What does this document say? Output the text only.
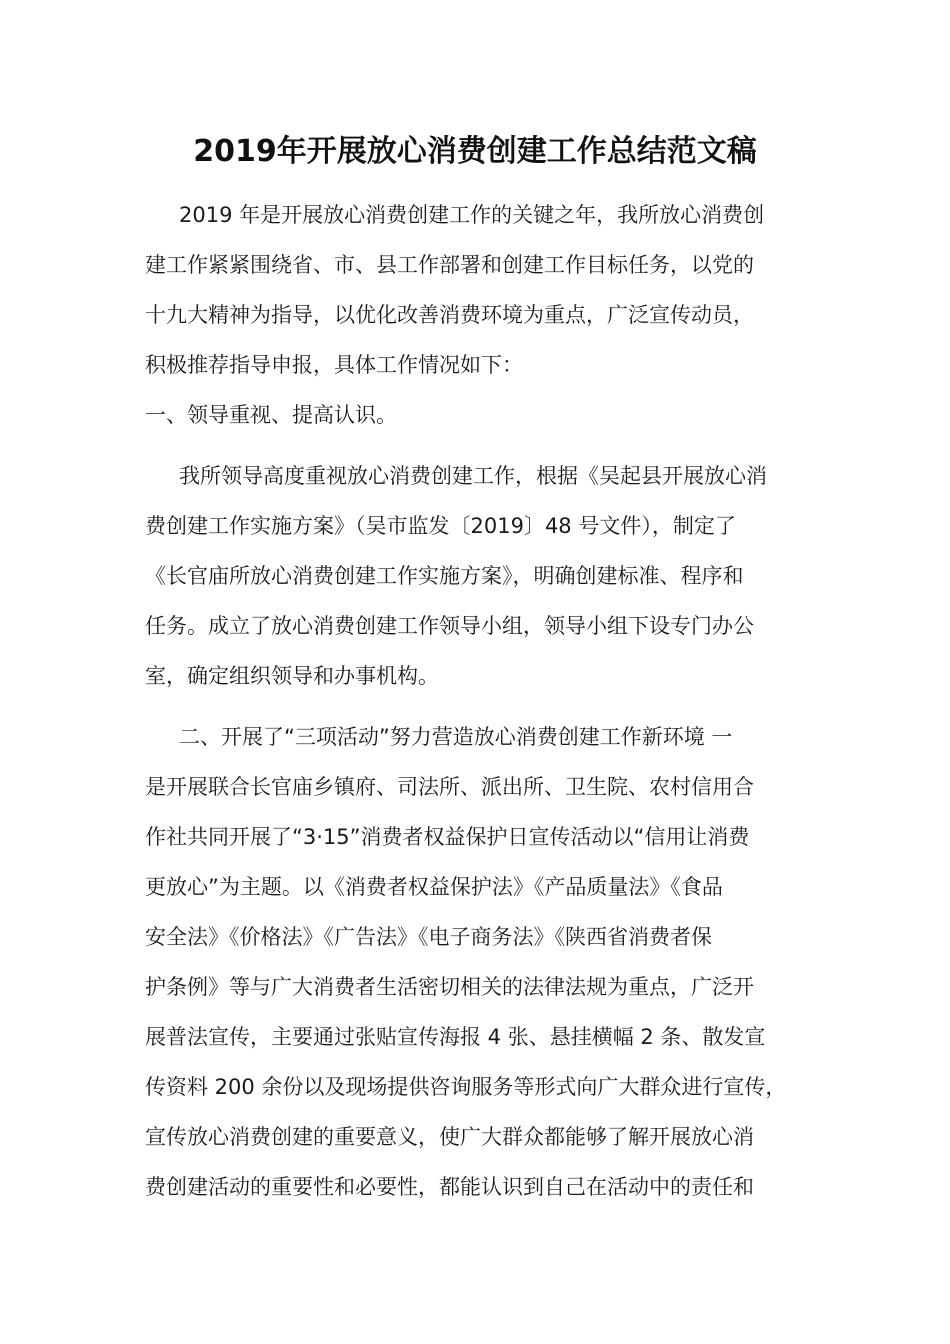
2019年开展放心消费创建工作总结范文稿
2019 年是开展放心消费创建工作的关键之年，我所放心消费创
建工作紧紧围绕省、市、县工作部署和创建工作目标任务，以党的
十九大精神为指导，以优化改善消费环境为重点，广泛宣传动员，
积极推荐指导申报，具体工作情况如下：
一、领导重视、提高认识。
我所领导高度重视放心消费创建工作，根据《吴起县开展放心消
费创建工作实施方案》（吴市监发〔2019〕48 号文件），制定了
《长官庙所放心消费创建工作实施方案》，明确创建标准、程序和
任务。成立了放心消费创建工作领导小组，领导小组下设专门办公
室，确定组织领导和办事机构。
二、开展了“三项活动”努力营造放心消费创建工作新环境 一
是开展联合长官庙乡镇府、司法所、派出所、卫生院、农村信用合
作社共同开展了“3·15”消费者权益保护日宣传活动以“信用让消费
更放心”为主题。以《消费者权益保护法》《产品质量法》《食品
安全法》《价格法》《广告法》《电子商务法》《陕西省消费者保
护条例》等与广大消费者生活密切相关的法律法规为重点，广泛开
展普法宣传，主要通过张贴宣传海报 4 张、悬挂横幅 2 条、散发宣
传资料 200 余份以及现场提供咨询服务等形式向广大群众进行宣传，
宣传放心消费创建的重要意义，使广大群众都能够了解开展放心消
费创建活动的重要性和必要性，都能认识到自己在活动中的责任和
